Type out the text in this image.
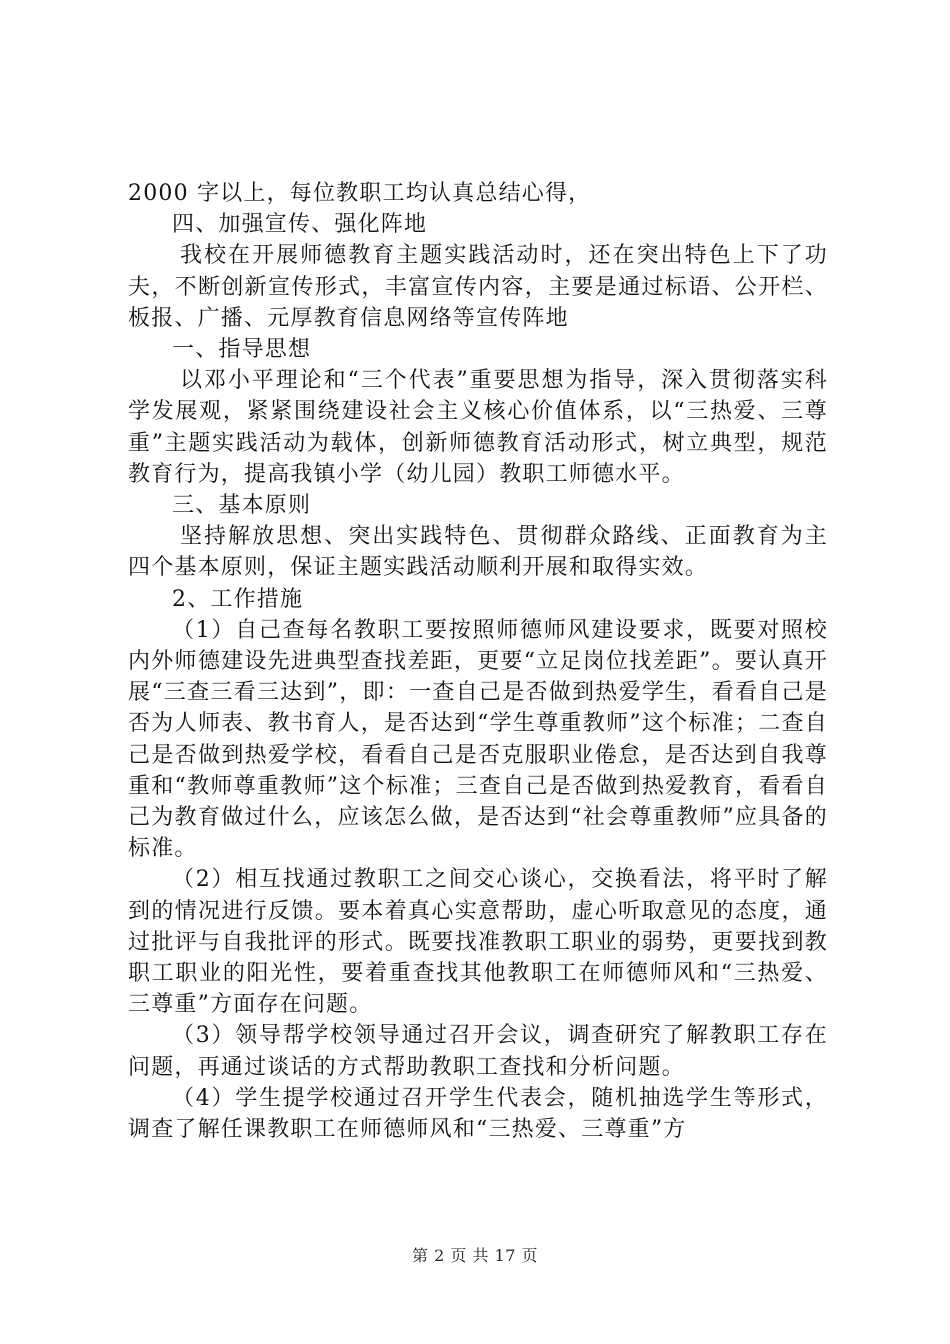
2000 字以上，每位教职工均认真总结心得，

四、加强宣传、强化阵地

我校在开展师德教育主题实践活动时，还在突出特色上下了功夫，不断创新宣传形式，丰富宣传内容，主要是通过标语、公开栏、板报、广播、元厚教育信息网络等宣传阵地

一、指导思想

以邓小平理论和“三个代表”重要思想为指导，深入贯彻落实科学发展观，紧紧围绕建设社会主义核心价值体系，以“三热爱、三尊重”主题实践活动为载体，创新师德教育活动形式，树立典型，规范教育行为，提高我镇小学（幼儿园）教职工师德水平。

三、基本原则

坚持解放思想、突出实践特色、贯彻群众路线、正面教育为主四个基本原则，保证主题实践活动顺利开展和取得实效。

2、工作措施

（1）自己查每名教职工要按照师德师风建设要求，既要对照校内外师德建设先进典型查找差距，更要“立足岗位找差距”。要认真开展“三查三看三达到”，即：一查自己是否做到热爱学生，看看自己是否为人师表、教书育人，是否达到“学生尊重教师”这个标准；二查自己是否做到热爱学校，看看自己是否克服职业倦怠，是否达到自我尊重和“教师尊重教师”这个标准；三查自己是否做到热爱教育，看看自己为教育做过什么，应该怎么做，是否达到“社会尊重教师”应具备的标准。

（2）相互找通过教职工之间交心谈心，交换看法，将平时了解到的情况进行反馈。要本着真心实意帮助，虚心听取意见的态度，通过批评与自我批评的形式。既要找准教职工职业的弱势，更要找到教职工职业的阳光性，要着重查找其他教职工在师德师风和“三热爱、三尊重”方面存在问题。

（3）领导帮学校领导通过召开会议，调查研究了解教职工存在问题，再通过谈话的方式帮助教职工查找和分析问题。

（4）学生提学校通过召开学生代表会，随机抽选学生等形式，调查了解任课教职工在师德师风和“三热爱、三尊重”方

第 2 页 共 17 页
